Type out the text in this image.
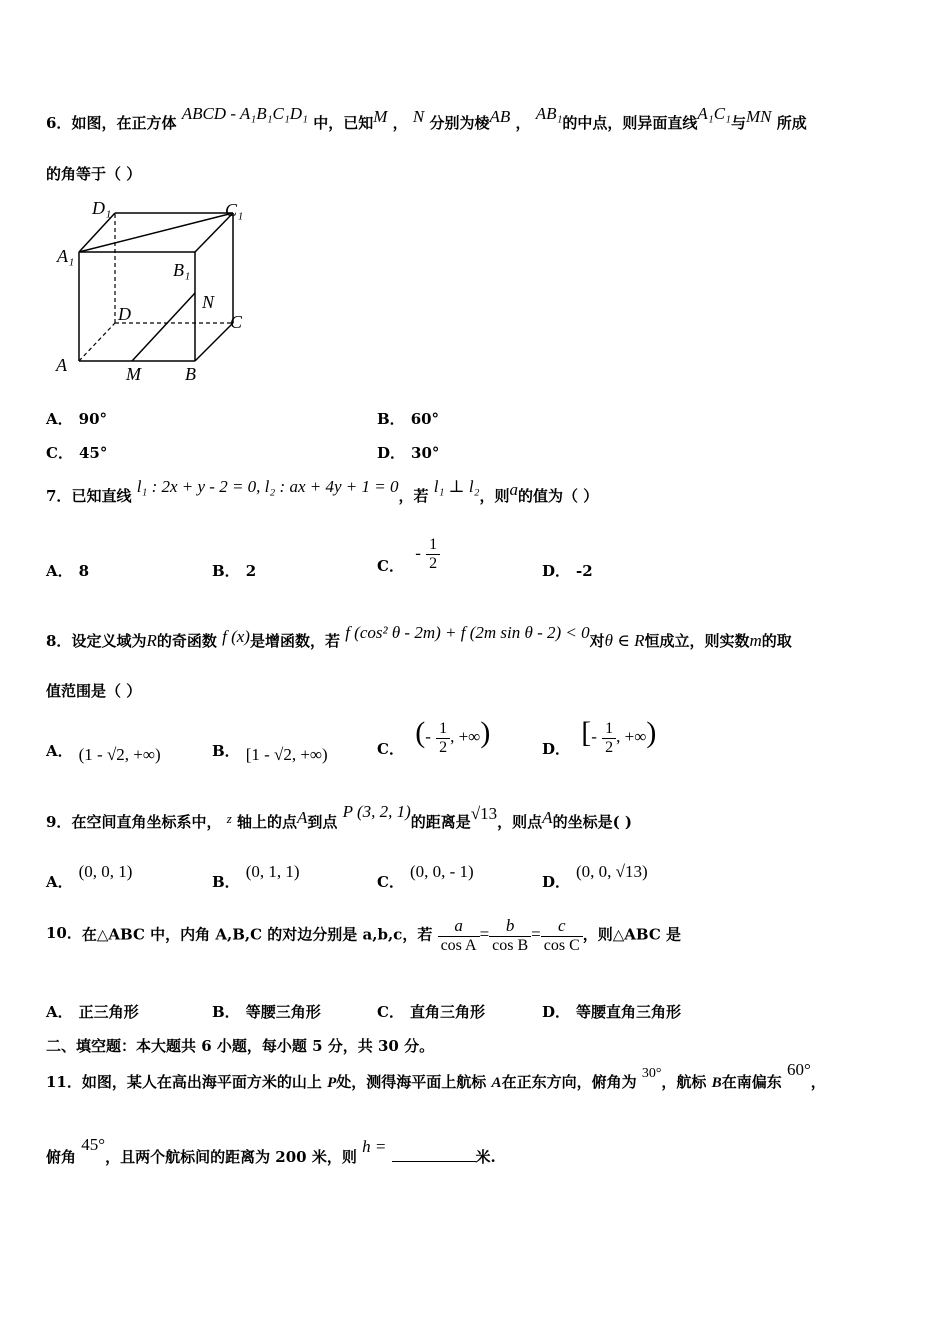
6．如图，在正方体 ABCD - A₁B₁C₁D₁ 中，已知M ， N 分别为棱AB ， AB₁的中点，则异面直线A₁C₁与MN 所成
的角等于（ ）
D₁	C₁
A₁
B₁
N
D	C
A	M B
A． 90°	B． 60°
C． 45°	D． 30°
7．已知直线 l₁ : 2x + y - 2 = 0, l₂ : ax + 4y + 1 = 0，若 l₁ ⊥ l₂，则a的值为（ ）
A． 8	B． 2	C． - $\frac{1}{2}$	D． -2
8．设定义域为R的奇函数 f (x)是增函数，若 f (cos² θ - 2m) + f (2m sin θ - 2) < 0对θ ∈ R恒成立，则实数m的取
值范围是（ ）
A． (1 - √2, +∞)	B． [1 - √2, +∞)	C． (- $\frac{1}{2}$ , +∞)	D． [- $\frac{1}{2}$ , +∞)
9．在空间直角坐标系中， z 轴上的点A到点 P (3, 2, 1)的距离是√13，则点A的坐标是( )
A．(0, 0, 1)
B．(0, 1, 1)
C．(0, 0, - 1)
D．(0, 0, √13)
10．在△ABC 中，内角 A,B,C 的对边分别是 a,b,c，若 $\frac{a}{\text{cos A}} = \frac{b}{\text{cos B}} = \frac{c}{\text{cos C}}$ ，则△ABC 是
A． 正三角形	B． 等腰三角形	C． 直角三角形	D． 等腰直角三角形
二、填空题：本大题共 6 小题，每小题 5 分，共 30 分。
11．如图，某人在高出海平面方米的山上 P处，测得海平面上航标 A在正东方向，俯角为 30°，航标 B在南偏东 60°，
俯角 45°，且两个航标间的距离为 200 米，则 h = 米.
